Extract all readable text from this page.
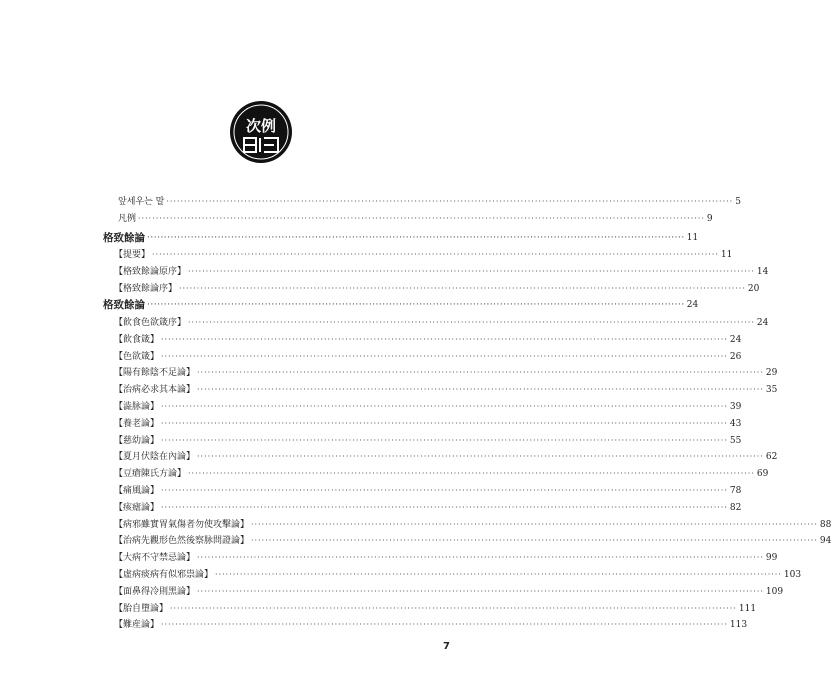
次例
앞세우는 말 ································································································································································ 5
凡例 ································································································································································ 9
格致餘論 ································································································································································ 11
【提要】 ································································································································································ 11
【格致餘論原序】 ································································································································································ 14
【格致餘論序】 ································································································································································ 20
格致餘論 ································································································································································ 24
【飮食色欲箴序】 ································································································································································ 24
【飮食箴】 ································································································································································ 24
【色欲箴】 ································································································································································ 26
【陽有餘陰不足論】 ································································································································································ 29
【治病必求其本論】 ································································································································································ 35
【澁脉論】 ································································································································································ 39
【養老論】 ································································································································································ 43
【慈幼論】 ································································································································································ 55
【夏月伏陰在內論】 ································································································································································ 62
【豆瘡陳氏方論】 ································································································································································ 69
【痛風論】 ································································································································································ 78
【痎瘧論】 ································································································································································ 82
【病邪雖實胃氣傷者勿使攻擊論】 ································································································································································ 88
【治病先觀形色然後察脉問證論】 ································································································································································ 94
【大病不守禁忌論】 ································································································································································ 99
【虛病痰病有似邪祟論】 ································································································································································ 103
【面鼻得冷則黑論】 ································································································································································ 109
【胎自墮論】 ································································································································································ 111
【難産論】 ································································································································································ 113
7
